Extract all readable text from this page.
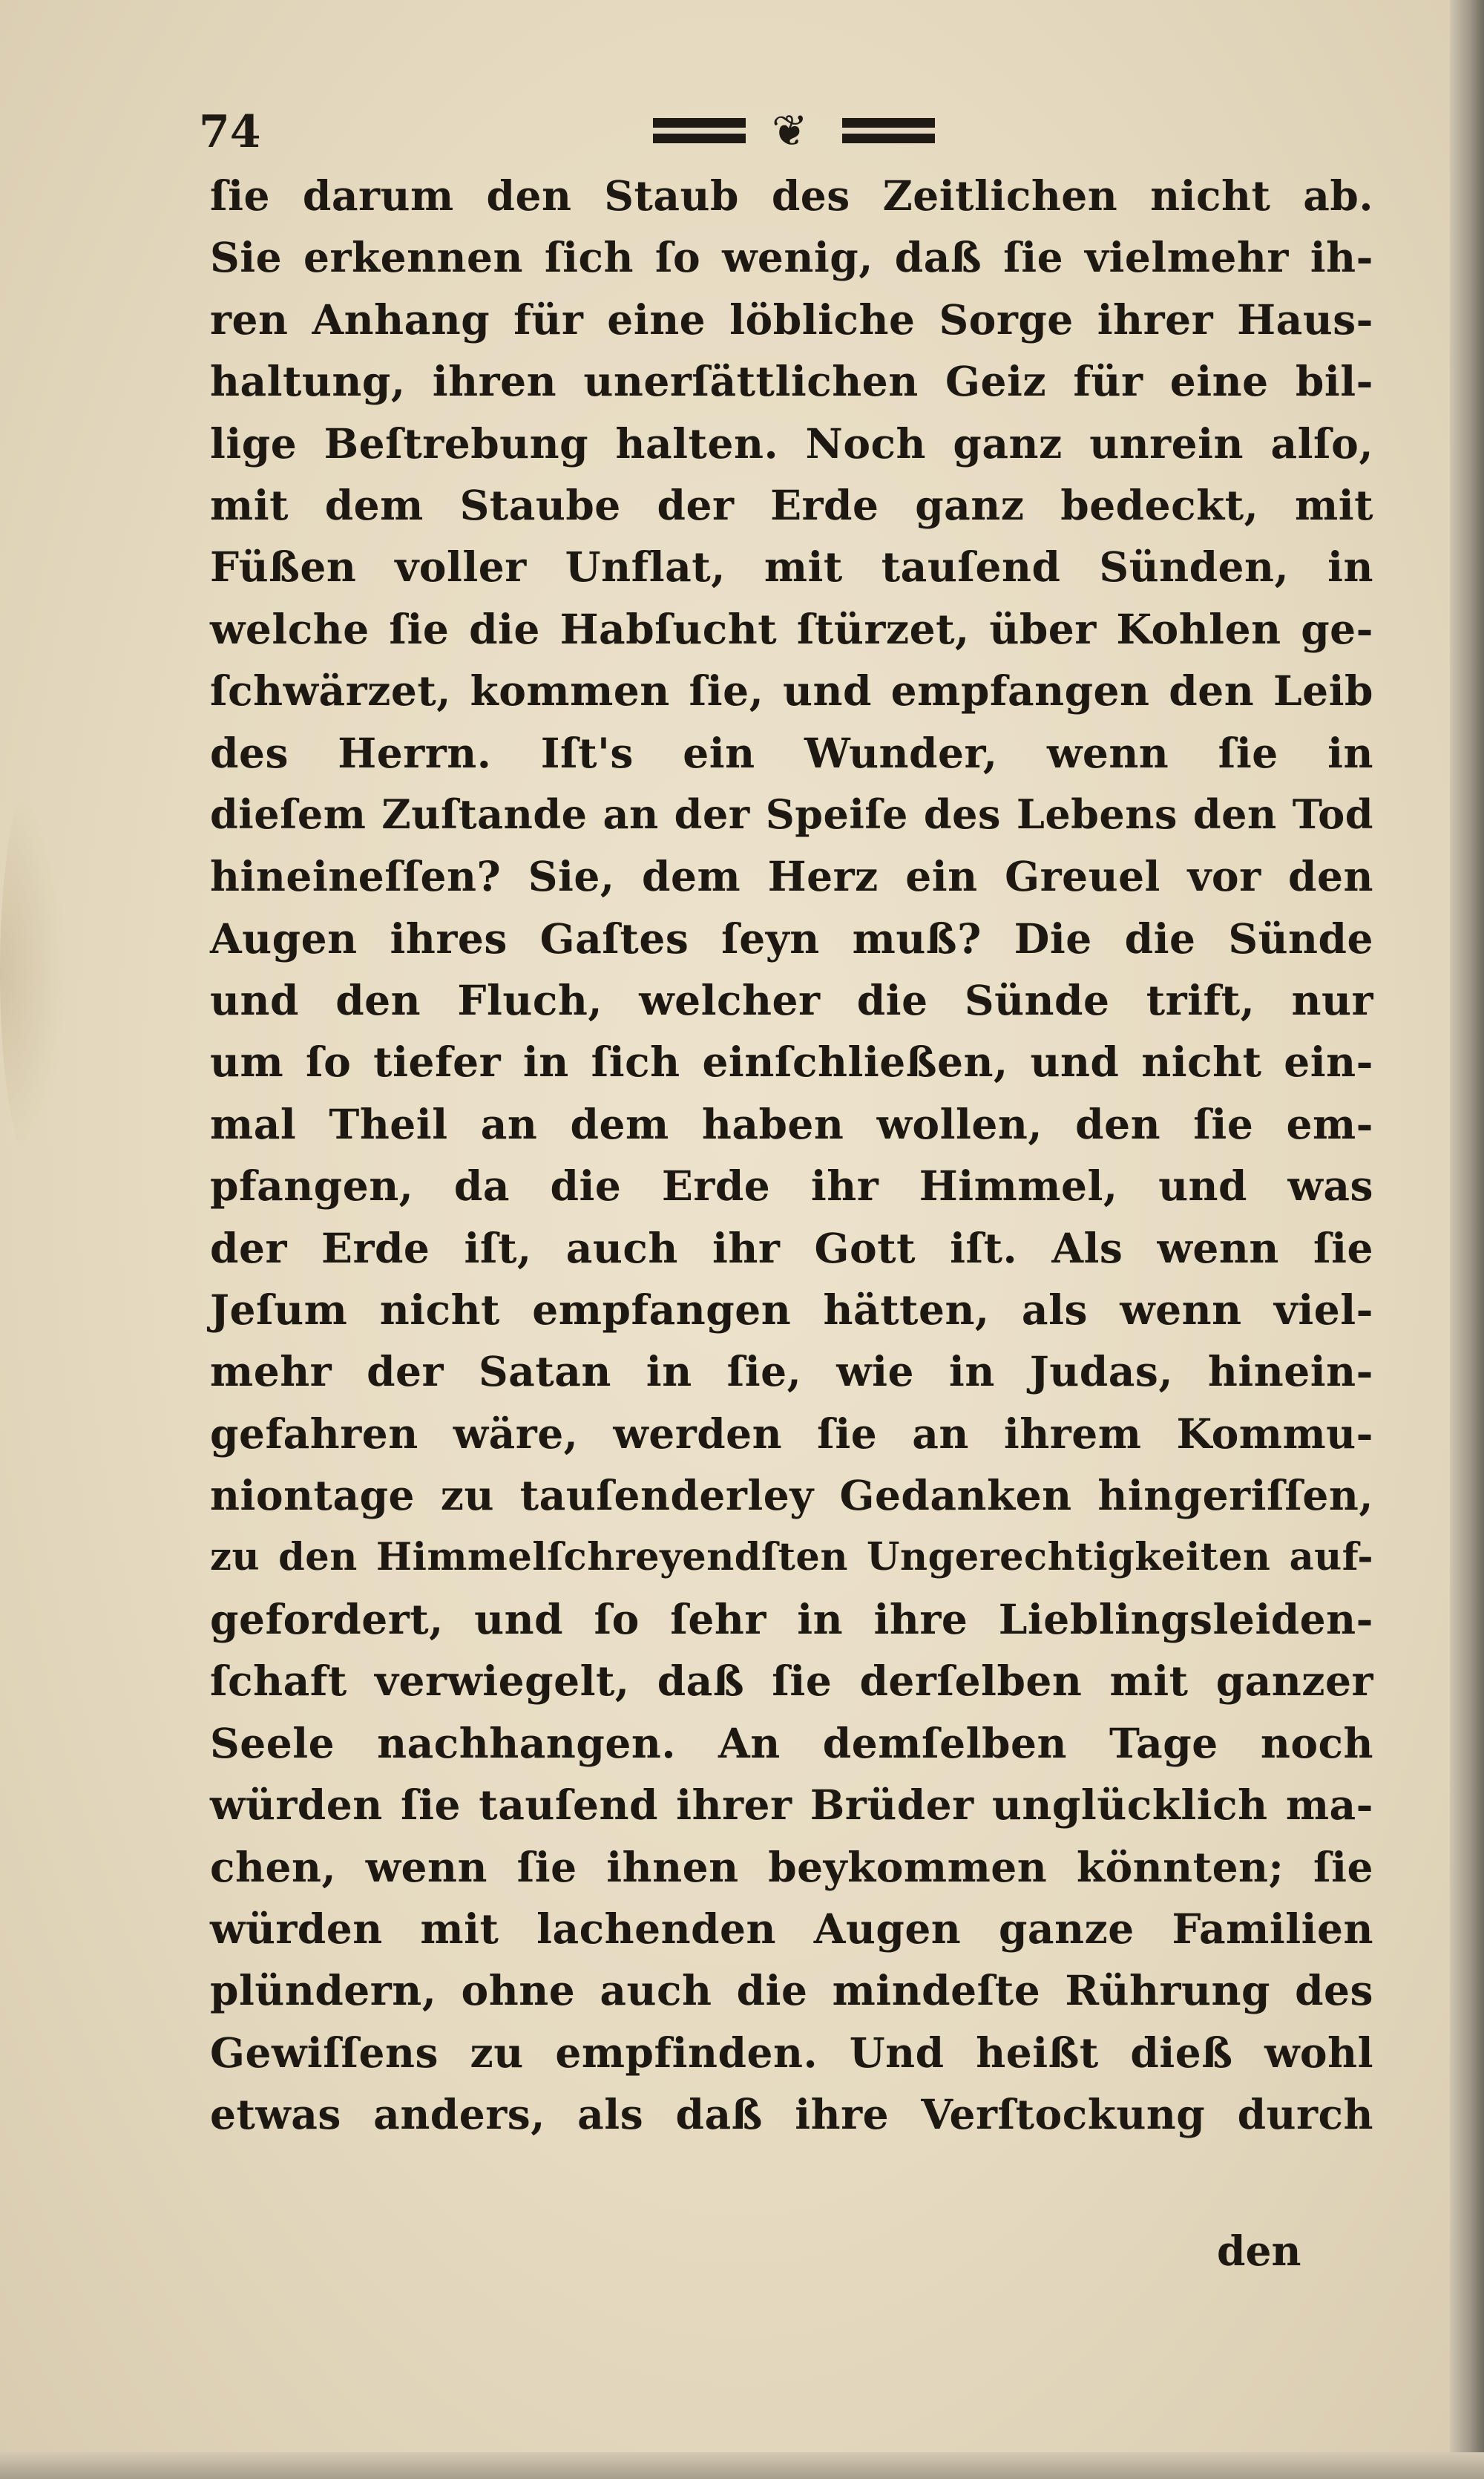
74	❦
ſie darum den Staub des Zeitlichen nicht ab.
Sie erkennen ſich ſo wenig, daß ſie vielmehr ih-
ren Anhang für eine löbliche Sorge ihrer Haus-
haltung, ihren unerſättlichen Geiz für eine bil-
lige Beſtrebung halten. Noch ganz unrein alſo,
mit dem Staube der Erde ganz bedeckt, mit
Füßen voller Unflat, mit tauſend Sünden, in
welche ſie die Habſucht ſtürzet, über Kohlen ge-
ſchwärzet, kommen ſie, und empfangen den Leib
des Herrn. Iſt's ein Wunder, wenn ſie in
dieſem Zuſtande an der Speiſe des Lebens den Tod
hineineſſen? Sie, dem Herz ein Greuel vor den
Augen ihres Gaſtes ſeyn muß? Die die Sünde
und den Fluch, welcher die Sünde trift, nur
um ſo tiefer in ſich einſchließen, und nicht ein-
mal Theil an dem haben wollen, den ſie em-
pfangen, da die Erde ihr Himmel, und was
der Erde iſt, auch ihr Gott iſt. Als wenn ſie
Jeſum nicht empfangen hätten, als wenn viel-
mehr der Satan in ſie, wie in Judas, hinein-
gefahren wäre, werden ſie an ihrem Kommu-
niontage zu tauſenderley Gedanken hingeriſſen,
zu den Himmelſchreyendſten Ungerechtigkeiten auf-
gefordert, und ſo ſehr in ihre Lieblingsleiden-
ſchaft verwiegelt, daß ſie derſelben mit ganzer
Seele nachhangen. An demſelben Tage noch
würden ſie tauſend ihrer Brüder unglücklich ma-
chen, wenn ſie ihnen beykommen könnten; ſie
würden mit lachenden Augen ganze Familien
plündern, ohne auch die mindeſte Rührung des
Gewiſſens zu empfinden. Und heißt dieß wohl
etwas anders, als daß ihre Verſtockung durch
den
